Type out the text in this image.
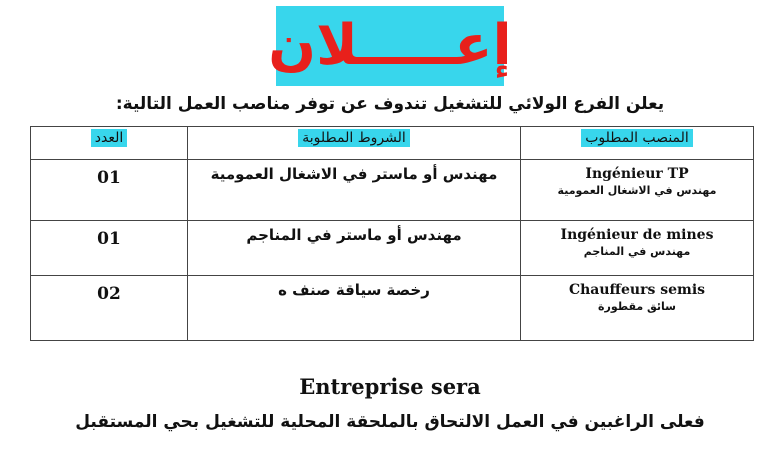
إعـــــلان
يعلن الفرع الولائي للتشغيل تندوف عن توفر مناصب العمل التالية:
المنصب المطلوب	الشروط المطلوبة	العدد

Ingénieur TP
مهندس في الاشغال العمومية	مهندس أو ماستر في الاشغال العمومية	01

Ingénieur de mines
مهندس في المناجم	مهندس أو ماستر في المناجم	01

Chauffeurs semis
سائق مقطورة	رخصة سياقة صنف ه	02
Entreprise sera
فعلى الراغبين في العمل الالتحاق بالملحقة المحلية للتشغيل بحي المستقبل
